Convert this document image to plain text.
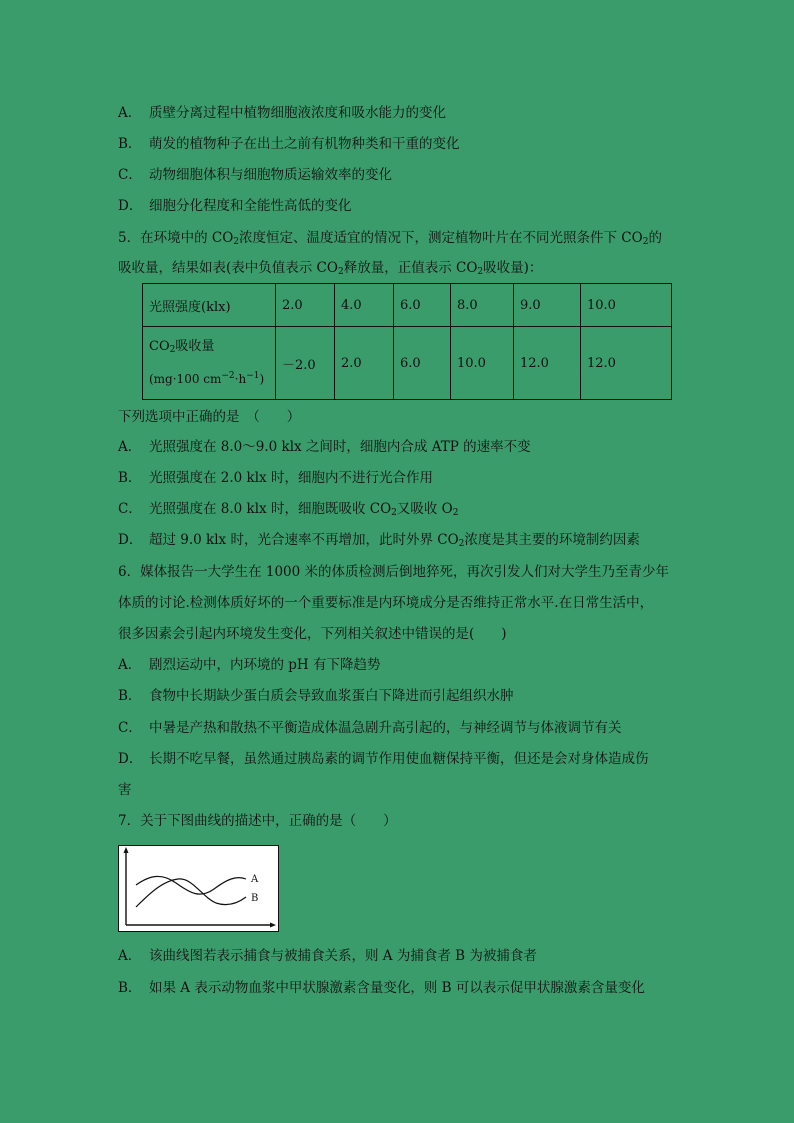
A． 质壁分离过程中植物细胞液浓度和吸水能力的变化
B． 萌发的植物种子在出土之前有机物种类和干重的变化
C． 动物细胞体积与细胞物质运输效率的变化
D． 细胞分化程度和全能性高低的变化
5．在环境中的 $CO_2$浓度恒定、温度适宜的情况下，测定植物叶片在不同光照条件下 $CO_2$的
吸收量，结果如表(表中负值表示 $CO_2$释放量，正值表示 $CO_2$吸收量)：
光照强度(klx)	2.0	4.0	6.0	8.0	9.0	10.0

$CO_2$吸收量
(mg·100 $cm^{-2}\cdot h^{-1}$)	－2.0	2.0	6.0	10.0	12.0	12.0
下列选项中正确的是　（　　）
A． 光照强度在 8.0～9.0 klx 之间时，细胞内合成 ATP 的速率不变
B． 光照强度在 2.0 klx 时，细胞内不进行光合作用
C． 光照强度在 8.0 klx 时，细胞既吸收 $CO_2$又吸收 $O_2$
D． 超过 9.0 klx 时，光合速率不再增加，此时外界 $CO_2$浓度是其主要的环境制约因素
6．媒体报告一大学生在 1000 米的体质检测后倒地猝死，再次引发人们对大学生乃至青少年
体质的讨论.检测体质好坏的一个重要标准是内环境成分是否维持正常水平.在日常生活中，
很多因素会引起内环境发生变化，下列相关叙述中错误的是(　　)
A． 剧烈运动中，内环境的 pH 有下降趋势
B． 食物中长期缺少蛋白质会导致血浆蛋白下降进而引起组织水肿
C． 中暑是产热和散热不平衡造成体温急剧升高引起的，与神经调节与体液调节有关
D． 长期不吃早餐，虽然通过胰岛素的调节作用使血糖保持平衡，但还是会对身体造成伤
害
7．关于下图曲线的描述中，正确的是（　　）
A
B
A． 该曲线图若表示捕食与被捕食关系，则 A 为捕食者 B 为被捕食者
B． 如果 A 表示动物血浆中甲状腺激素含量变化，则 B 可以表示促甲状腺激素含量变化
